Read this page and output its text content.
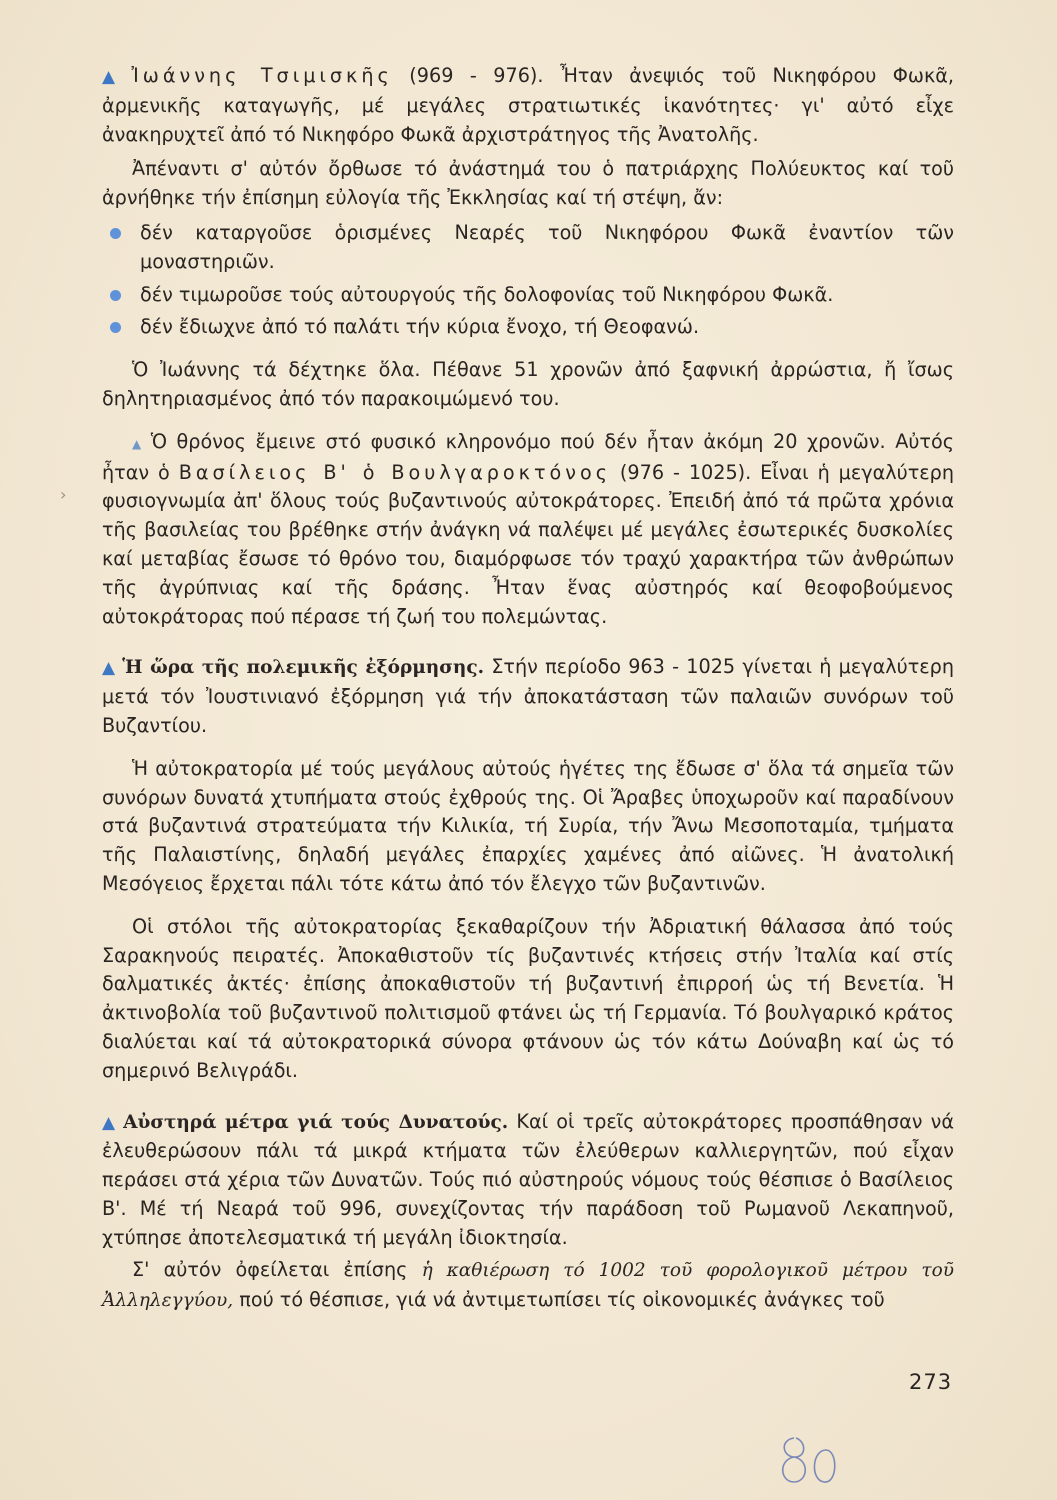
›

▲ Ἰωάννης Τσιμισκῆς (969 - 976). Ἦταν ἀνεψιός τοῦ Νικηφόρου Φωκᾶ, ἀρμενικῆς καταγωγῆς, μέ μεγάλες στρατιωτικές ἱκανότητες· γι' αὐτό εἶχε ἀνακηρυχτεῖ ἀπό τό Νικηφόρο Φωκᾶ ἀρχιστράτηγος τῆς Ἀνατολῆς.

Ἀπέναντι σ' αὐτόν ὄρθωσε τό ἀνάστημά του ὁ πατριάρχης Πολύευκτος καί τοῦ ἀρνήθηκε τήν ἐπίσημη εὐλογία τῆς Ἐκκλησίας καί τή στέψη, ἄν:

δέν καταργοῦσε ὁρισμένες Νεαρές τοῦ Νικηφόρου Φωκᾶ ἐναντίον τῶν μοναστηριῶν.

δέν τιμωροῦσε τούς αὐτουργούς τῆς δολοφονίας τοῦ Νικηφόρου Φωκᾶ.

δέν ἔδιωχνε ἀπό τό παλάτι τήν κύρια ἔνοχο, τή Θεοφανώ.

Ὁ Ἰωάννης τά δέχτηκε ὅλα. Πέθανε 51 χρονῶν ἀπό ξαφνική ἀρρώστια, ἤ ἴσως δηλητηριασμένος ἀπό τόν παρακοιμώμενό του.

▲ Ὁ θρόνος ἔμεινε στό φυσικό κληρονόμο πού δέν ἦταν ἀκόμη 20 χρονῶν. Αὐτός ἦταν ὁ Βασίλειος Β' ὁ Βουλγαροκτόνος (976 - 1025). Εἶναι ἡ μεγαλύτερη φυσιογνωμία ἀπ' ὅλους τούς βυζαντινούς αὐτοκράτορες. Ἐπειδή ἀπό τά πρῶτα χρόνια τῆς βασιλείας του βρέθηκε στήν ἀνάγκη νά παλέψει μέ μεγάλες ἐσωτερικές δυσκολίες καί μεταβίας ἔσωσε τό θρόνο του, διαμόρφωσε τόν τραχύ χαρακτήρα τῶν ἀνθρώπων τῆς ἀγρύπνιας καί τῆς δράσης. Ἦταν ἕνας αὐστηρός καί θεοφοβούμενος αὐτοκράτορας πού πέρασε τή ζωή του πολεμώντας.

▲ Ἡ ὥρα τῆς πολεμικῆς ἐξόρμησης. Στήν περίοδο 963 - 1025 γίνεται ἡ μεγαλύτερη μετά τόν Ἰουστινιανό ἐξόρμηση γιά τήν ἀποκατάσταση τῶν παλαιῶν συνόρων τοῦ Βυζαντίου.

Ἡ αὐτοκρατορία μέ τούς μεγάλους αὐτούς ἡγέτες της ἔδωσε σ' ὅλα τά σημεῖα τῶν συνόρων δυνατά χτυπήματα στούς ἐχθρούς της. Οἱ Ἄραβες ὑποχωροῦν καί παραδίνουν στά βυζαντινά στρατεύματα τήν Κιλικία, τή Συρία, τήν Ἄνω Μεσοποταμία, τμήματα τῆς Παλαιστίνης, δηλαδή μεγάλες ἐπαρχίες χαμένες ἀπό αἰῶνες. Ἡ ἀνατολική Μεσόγειος ἔρχεται πάλι τότε κάτω ἀπό τόν ἔλεγχο τῶν βυζαντινῶν.

Οἱ στόλοι τῆς αὐτοκρατορίας ξεκαθαρίζουν τήν Ἀδριατική θάλασσα ἀπό τούς Σαρακηνούς πειρατές. Ἀποκαθιστοῦν τίς βυζαντινές κτήσεις στήν Ἰταλία καί στίς δαλματικές ἀκτές· ἐπίσης ἀποκαθιστοῦν τή βυζαντινή ἐπιρροή ὡς τή Βενετία. Ἡ ἀκτινοβολία τοῦ βυζαντινοῦ πολιτισμοῦ φτάνει ὡς τή Γερμανία. Τό βουλγαρικό κράτος διαλύεται καί τά αὐτοκρατορικά σύνορα φτάνουν ὡς τόν κάτω Δούναβη καί ὡς τό σημερινό Βελιγράδι.

▲ Αὐστηρά μέτρα γιά τούς Δυνατούς. Καί οἱ τρεῖς αὐτοκράτορες προσπάθησαν νά ἐλευθερώσουν πάλι τά μικρά κτήματα τῶν ἐλεύθερων καλλιεργητῶν, πού εἶχαν περάσει στά χέρια τῶν Δυνατῶν. Τούς πιό αὐστηρούς νόμους τούς θέσπισε ὁ Βασίλειος Β'. Μέ τή Νεαρά τοῦ 996, συνεχίζοντας τήν παράδοση τοῦ Ρωμανοῦ Λεκαπηνοῦ, χτύπησε ἀποτελεσματικά τή μεγάλη ἰδιοκτησία.

Σ' αὐτόν ὀφείλεται ἐπίσης ἡ καθιέρωση τό 1002 τοῦ φορολογικοῦ μέτρου τοῦ Ἀλληλεγγύου, πού τό θέσπισε, γιά νά ἀντιμετωπίσει τίς οἰκονομικές ἀνάγκες τοῦ

273
